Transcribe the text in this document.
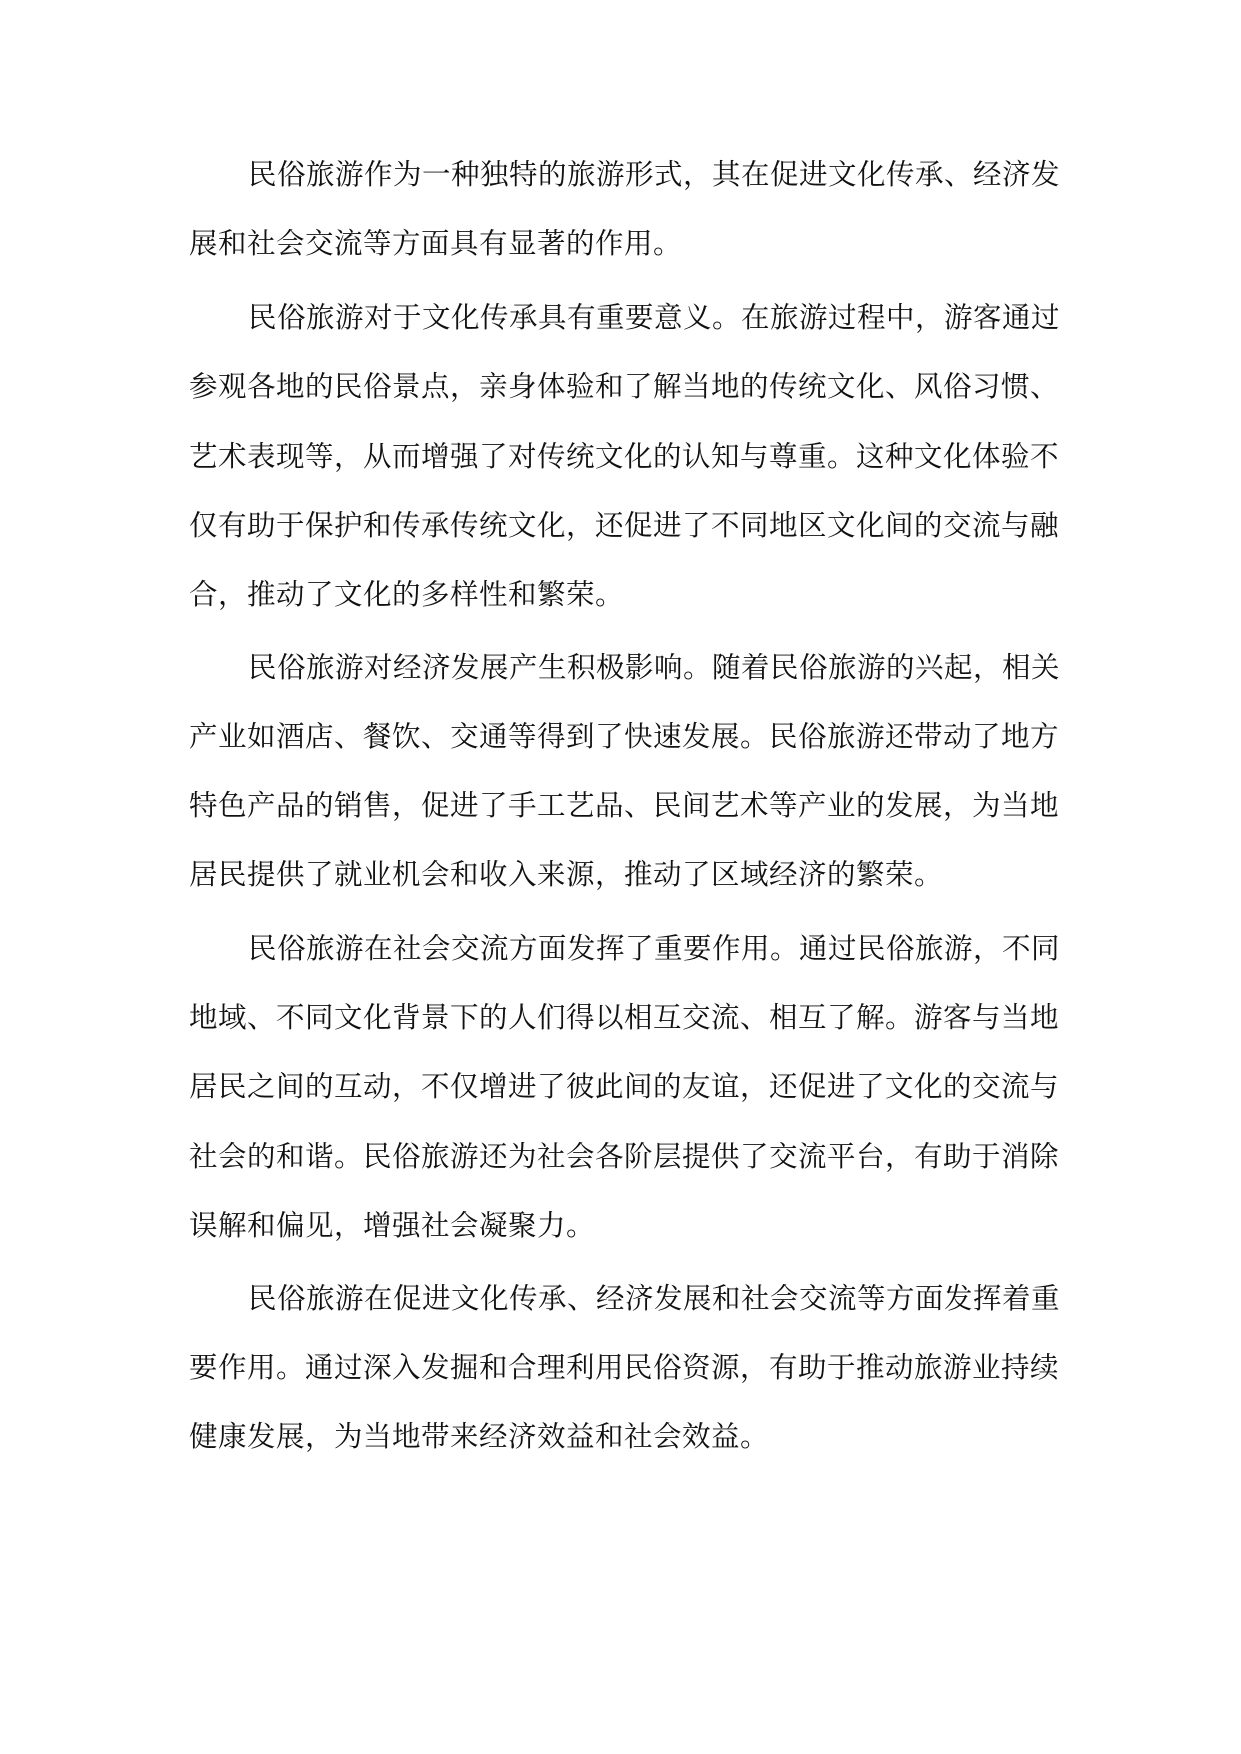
民俗旅游作为一种独特的旅游形式，其在促进文化传承、经济发

展和社会交流等方面具有显著的作用。

民俗旅游对于文化传承具有重要意义。在旅游过程中，游客通过

参观各地的民俗景点，亲身体验和了解当地的传统文化、风俗习惯、

艺术表现等，从而增强了对传统文化的认知与尊重。这种文化体验不

仅有助于保护和传承传统文化，还促进了不同地区文化间的交流与融

合，推动了文化的多样性和繁荣。

民俗旅游对经济发展产生积极影响。随着民俗旅游的兴起，相关

产业如酒店、餐饮、交通等得到了快速发展。民俗旅游还带动了地方

特色产品的销售，促进了手工艺品、民间艺术等产业的发展，为当地

居民提供了就业机会和收入来源，推动了区域经济的繁荣。

民俗旅游在社会交流方面发挥了重要作用。通过民俗旅游，不同

地域、不同文化背景下的人们得以相互交流、相互了解。游客与当地

居民之间的互动，不仅增进了彼此间的友谊，还促进了文化的交流与

社会的和谐。民俗旅游还为社会各阶层提供了交流平台，有助于消除

误解和偏见，增强社会凝聚力。

民俗旅游在促进文化传承、经济发展和社会交流等方面发挥着重

要作用。通过深入发掘和合理利用民俗资源，有助于推动旅游业持续

健康发展，为当地带来经济效益和社会效益。
